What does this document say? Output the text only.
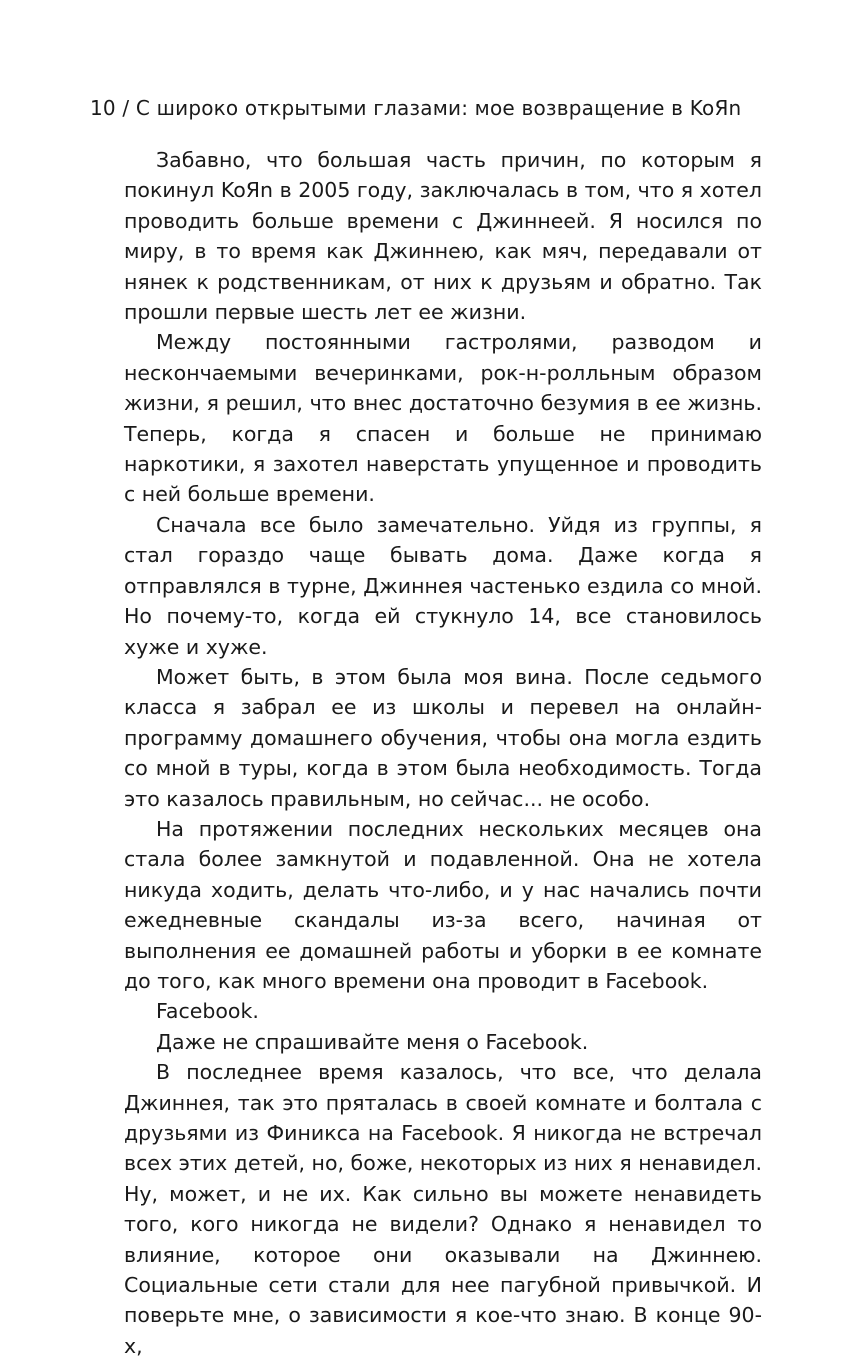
10 / С широко открытыми глазами: мое возвращение в KoЯn

Забавно, что большая часть причин, по которым я покинул KoЯn в 2005 году, заключалась в том, что я хотел проводить больше времени с Джиннеей. Я носился по миру, в то время как Джиннею, как мяч, передавали от нянек к родственникам, от них к друзьям и обратно. Так прошли первые шесть лет ее жизни.

Между постоянными гастролями, разводом и нескончаемыми вечеринками, рок-н-ролльным образом жизни, я решил, что внес достаточно безумия в ее жизнь. Теперь, когда я спасен и больше не принимаю наркотики, я захотел наверстать упущенное и проводить с ней больше времени.

Сначала все было замечательно. Уйдя из группы, я стал гораздо чаще бывать дома. Даже когда я отправлялся в турне, Джиннея частенько ездила со мной. Но почему-то, когда ей стукнуло 14, все становилось хуже и хуже.

Может быть, в этом была моя вина. После седьмого класса я забрал ее из школы и перевел на онлайн-программу домашнего обучения, чтобы она могла ездить со мной в туры, когда в этом была необходимость. Тогда это казалось правильным, но сейчас... не особо.

На протяжении последних нескольких месяцев она стала более замкнутой и подавленной. Она не хотела никуда ходить, делать что-либо, и у нас начались почти ежедневные скандалы из-за всего, начиная от выполнения ее домашней работы и уборки в ее комнате до того, как много времени она проводит в Facebook.

Facebook.

Даже не спрашивайте меня о Facebook.

В последнее время казалось, что все, что делала Джиннея, так это пряталась в своей комнате и болтала с друзьями из Финикса на Facebook. Я никогда не встречал всех этих детей, но, боже, некоторых из них я ненавидел. Ну, может, и не их. Как сильно вы можете ненавидеть того, кого никогда не видели? Однако я ненавидел то влияние, которое они оказывали на Джиннею. Социальные сети стали для нее пагубной привычкой. И поверьте мне, о зависимости я кое-что знаю. В конце 90-х,
